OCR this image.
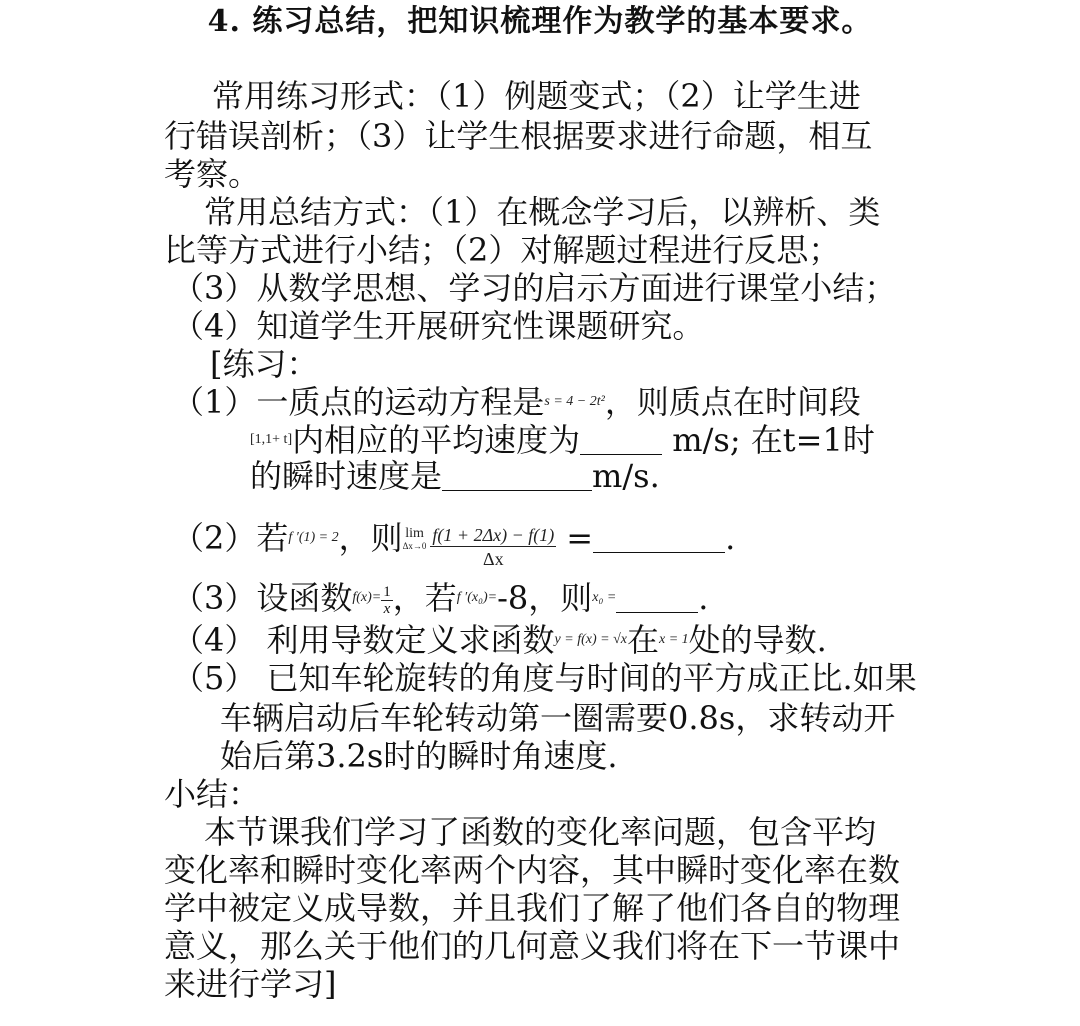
4. 练习总结，把知识梳理作为教学的基本要求。
常用练习形式：（1）例题变式；（2）让学生进
行错误剖析；（3）让学生根据要求进行命题，相互
考察。
常用总结方式：（1）在概念学习后，以辨析、类
比等方式进行小结；（2）对解题过程进行反思；
（3）从数学思想、学习的启示方面进行课堂小结；
（4）知道学生开展研究性课题研究。
[练习：
（1）一质点的运动方程是s = 4 − 2t²，则质点在时间段
[1,1+ t]内相应的平均速度为	m/s; 在t=1时
的瞬时速度是	m/s.
（2）若f ′(1) = 2，则 lim
$\Delta x\to 0 \frac{f(1 + 2\Delta x) - f(1)}{\Delta x}$ =	.
（3）设函数$f(x)= \frac{1}{x}$ ，若f ′(x₀)=-8，则x₀ =	.
（4） 利用导数定义求函数y = f(x) = √x在x = 1处的导数.
（5） 已知车轮旋转的角度与时间的平方成正比.如果
车辆启动后车轮转动第一圈需要0.8s，求转动开
始后第3.2s时的瞬时角速度.
小结：
本节课我们学习了函数的变化率问题，包含平均
变化率和瞬时变化率两个内容，其中瞬时变化率在数
学中被定义成导数，并且我们了解了他们各自的物理
意义，那么关于他们的几何意义我们将在下一节课中
来进行学习]
